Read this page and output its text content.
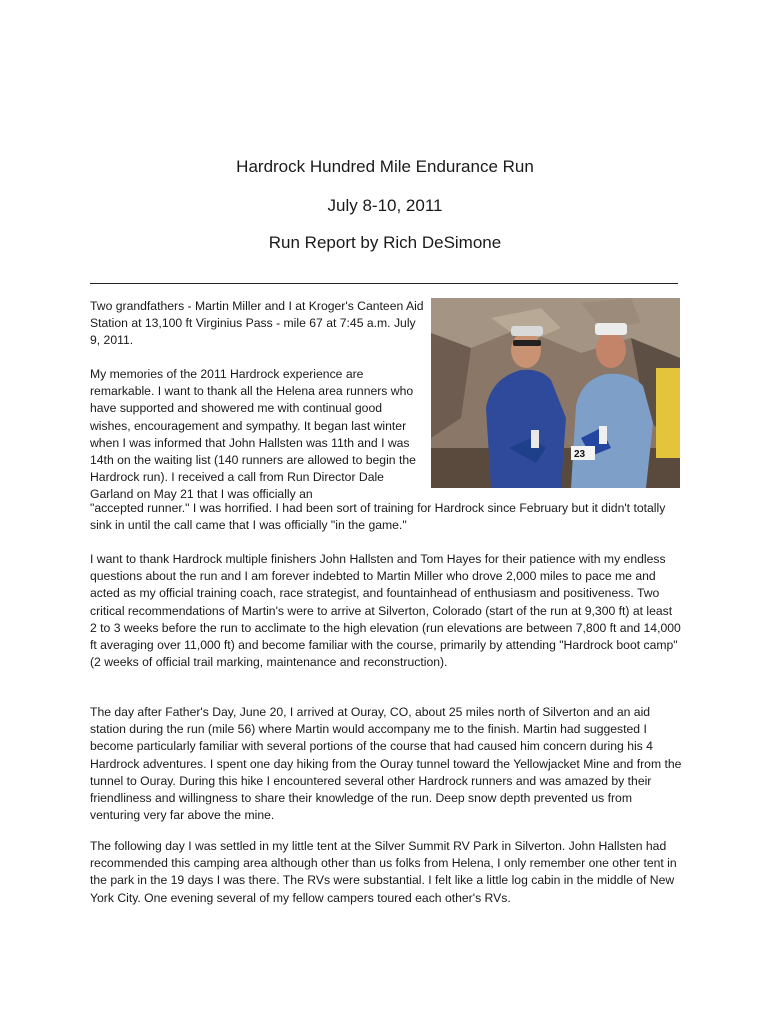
Hardrock Hundred Mile Endurance Run
July 8-10, 2011
Run Report by Rich DeSimone
Two grandfathers - Martin Miller and I at Kroger's Canteen Aid Station at 13,100 ft Virginius Pass - mile 67 at 7:45 a.m. July 9, 2011.
My memories of the 2011 Hardrock experience are remarkable. I want to thank all the Helena area runners who have supported and showered me with continual good wishes, encouragement and sympathy. It began last winter when I was informed that John Hallsten was 11th and I was 14th on the waiting list (140 runners are allowed to begin the Hardrock run). I received a call from Run Director Dale Garland on May 21 that I was officially an
"accepted runner." I was horrified. I had been sort of training for Hardrock since February but it didn't totally sink in until the call came that I was officially "in the game."
I want to thank Hardrock multiple finishers John Hallsten and Tom Hayes for their patience with my endless questions about the run and I am forever indebted to Martin Miller who drove 2,000 miles to pace me and acted as my official training coach, race strategist, and fountainhead of enthusiasm and positiveness. Two critical recommendations of Martin's were to arrive at Silverton, Colorado (start of the run at 9,300 ft) at least 2 to 3 weeks before the run to acclimate to the high elevation (run elevations are between 7,800 ft and 14,000 ft averaging over 11,000 ft) and become familiar with the course, primarily by attending "Hardrock boot camp" (2 weeks of official trail marking, maintenance and reconstruction).
The day after Father's Day, June 20, I arrived at Ouray, CO, about 25 miles north of Silverton and an aid station during the run (mile 56) where Martin would accompany me to the finish. Martin had suggested I become particularly familiar with several portions of the course that had caused him concern during his 4 Hardrock adventures. I spent one day hiking from the Ouray tunnel toward the Yellowjacket Mine and from the tunnel to Ouray. During this hike I encountered several other Hardrock runners and was amazed by their friendliness and willingness to share their knowledge of the run. Deep snow depth prevented us from venturing very far above the mine.
The following day I was settled in my little tent at the Silver Summit RV Park in Silverton. John Hallsten had recommended this camping area although other than us folks from Helena, I only remember one other tent in the park in the 19 days I was there. The RVs were substantial. I felt like a little log cabin in the middle of New York City. One evening several of my fellow campers toured each other's RVs.
23
